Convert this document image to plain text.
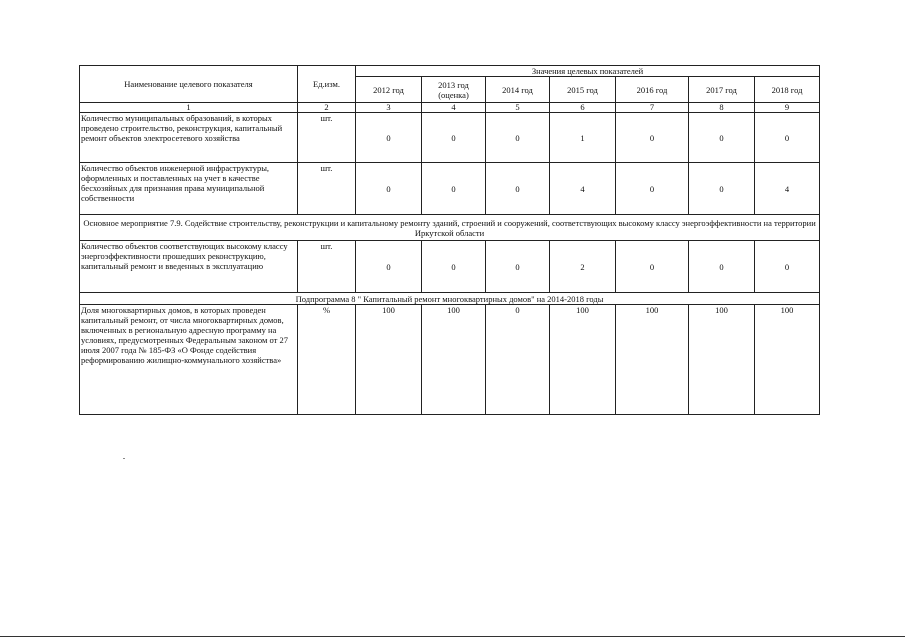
Наименование целевого показателя	Ед.изм.	Значения целевых показателей						
		2012 год	2013 год (оценка)	2014 год	2015 год	2016 год	2017 год	2018 год
1	2	3	4	5	6	7	8	9
Количество муниципальных образований, в которых проведено строительство, реконструкция, капитальный ремонт объектов электросетевого хозяйства	шт.	0	0	0	1	0	0	0
Количество объектов инженерной инфраструктуры, оформленных и поставленных на учет в качестве бесхозяйных для признания права муниципальной собственности	шт.	0	0	0	4	0	0	4
Основное мероприятие 7.9. Содействие строительству, реконструкции и капитальному ремонту зданий, строений и сооружений, соответствующих высокому классу энергоэффективности на территории Иркутской области								
Количество объектов соответствующих высокому классу энергоэффективности прошедших реконструкцию, капитальный ремонт и введенных в эксплуатацию	шт.	0	0	0	2	0	0	0
Подпрограмма 8 " Капитальный ремонт многоквартирных домов" на 2014-2018 годы								
Доля многоквартирных домов, в которых проведен капитальный ремонт, от числа многоквартирных домов, включенных в региональную адресную программу на условиях, предусмотренных Федеральным законом от 27 июля 2007 года № 185-ФЗ «О Фонде содействия реформированию жилищно-коммунального хозяйства»	%	100	100	0	100	100	100	100
